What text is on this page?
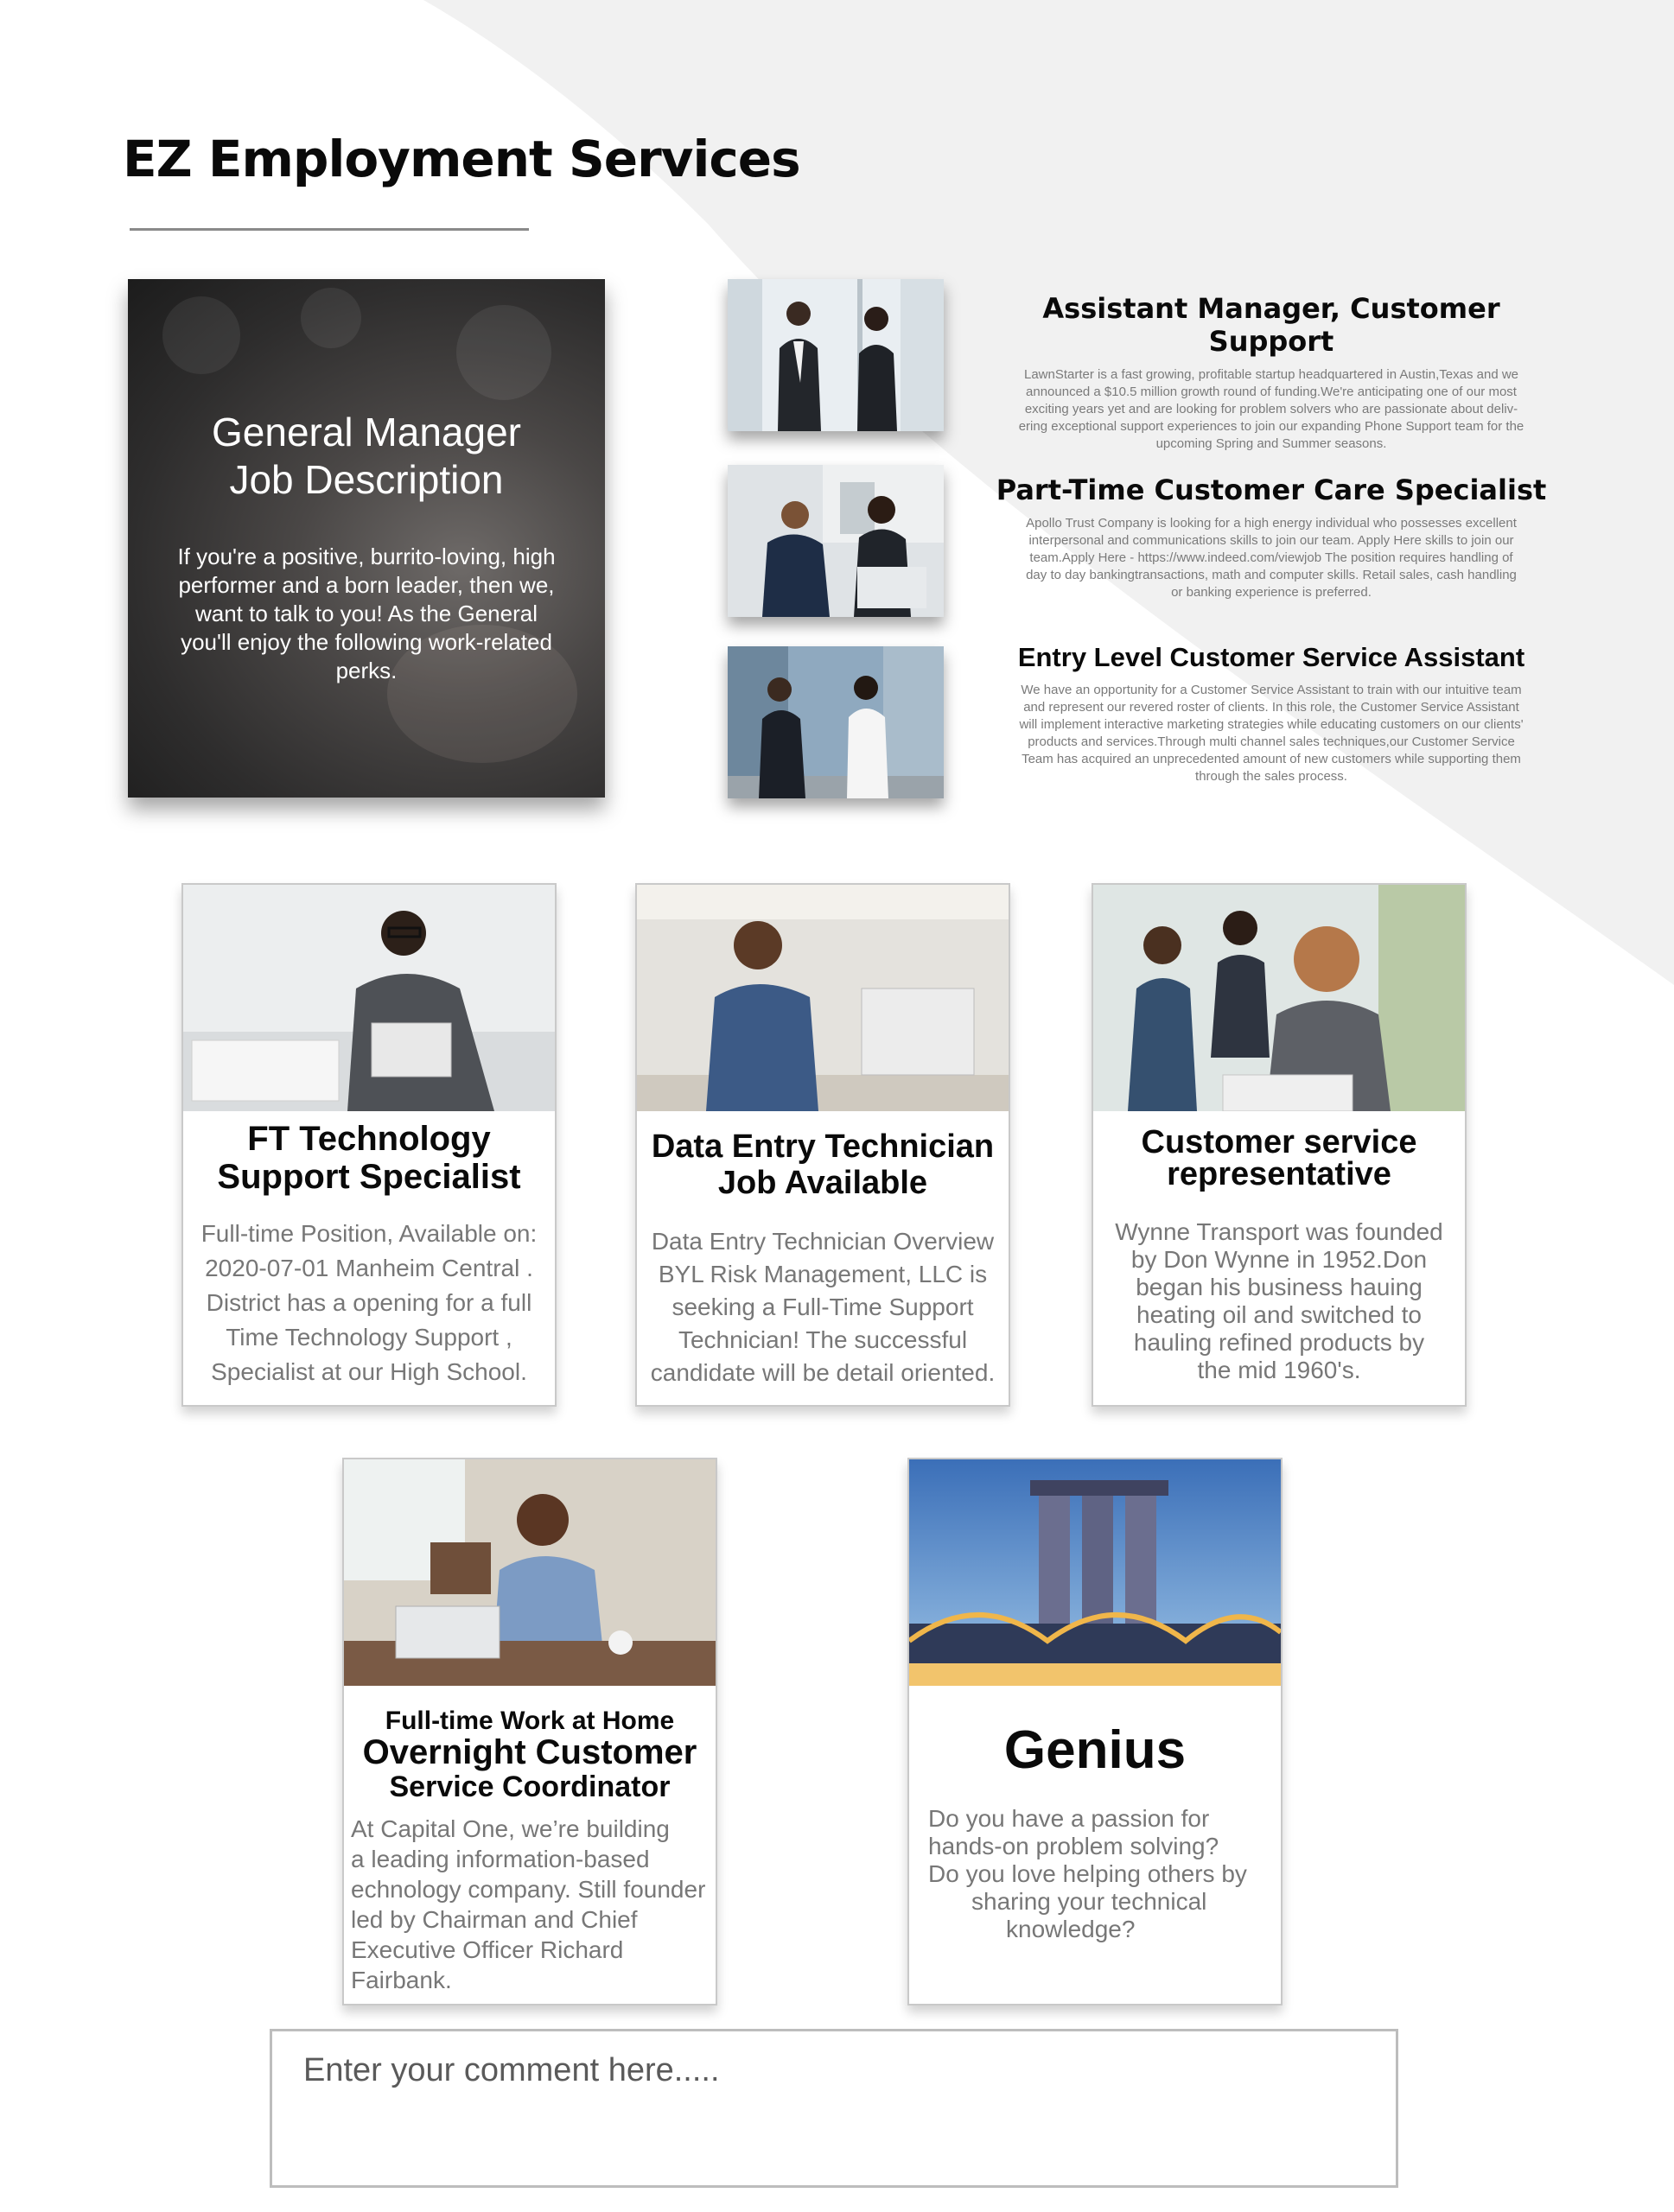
EZ Employment Services
General Manager
Job Description

If you're a positive, burrito-loving, high performer and a born leader, then we, want to talk to you! As the General you'll enjoy the following work-related perks.

Assistant Manager, Customer Support

LawnStarter is a fast growing, profitable startup headquartered in Austin,Texas and we
announced a $10.5 million growth round of funding.We're anticipating one of our most
exciting years yet and are looking for problem solvers who are passionate about deliv-
ering exceptional support experiences to join our expanding Phone Support team for the
upcoming Spring and Summer seasons.

Part-Time Customer Care Specialist

Apollo Trust Company is looking for a high energy individual who possesses excellent
interpersonal and communications skills to join our team. Apply Here skills to join our
team.Apply Here - https://www.indeed.com/viewjob The position requires handling of
day to day bankingtransactions, math and computer skills. Retail sales, cash handling
or banking experience is preferred.

Entry Level Customer Service Assistant

We have an opportunity for a Customer Service Assistant to train with our intuitive team
and represent our revered roster of clients. In this role, the Customer Service Assistant
will implement interactive marketing strategies while educating customers on our clients'
products and services.Through multi channel sales techniques,our Customer Service
Team has acquired an unprecedented amount of new customers while supporting them
through the sales process.

FT Technology
Support Specialist

Full-time Position, Available on:
2020-07-01 Manheim Central .
District has a opening for a full
Time Technology Support ,
Specialist at our High School.

Data Entry Technician
Job Available

Data Entry Technician Overview
BYL Risk Management, LLC is
seeking a Full-Time Support
Technician! The successful
candidate will be detail oriented.

Customer service
representative

Wynne Transport was founded
by Don Wynne in 1952.Don
began his business hauing
heating oil and switched to
hauling refined products by
the mid 1960's.

Full-time Work at Home
Overnight Customer
Service Coordinator

At Capital One, we’re building
a leading information-based
echnology company. Still founder
led by Chairman and Chief
Executive Officer Richard Fairbank.

Genius

Do you have a passion for
hands-on problem solving?
Do you love helping others by
sharing your technical
knowledge?

Enter your comment here.....
